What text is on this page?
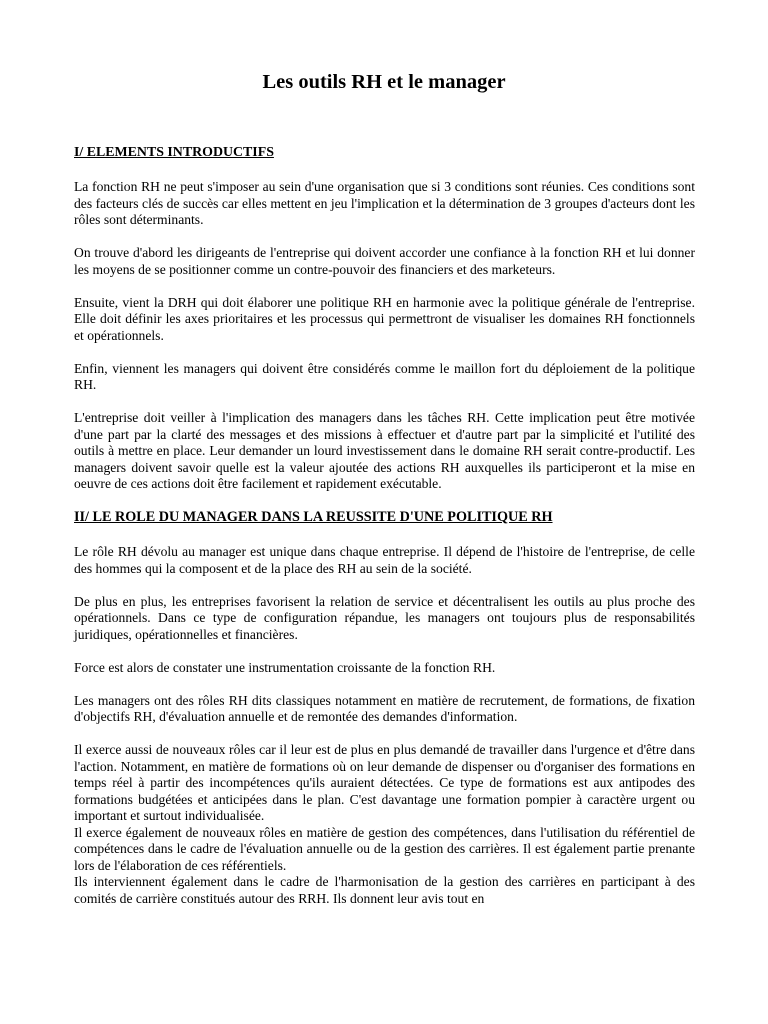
Les outils RH et le manager
I/ ELEMENTS INTRODUCTIFS

La fonction RH ne peut s'imposer au sein d'une organisation que si 3 conditions sont réunies. Ces conditions sont des facteurs clés de succès car elles mettent en jeu l'implication et la détermination de 3 groupes d'acteurs dont les rôles sont déterminants.

On trouve d'abord les dirigeants de l'entreprise qui doivent accorder une confiance à la fonction RH et lui donner les moyens de se positionner comme un contre-pouvoir des financiers et des marketeurs.

Ensuite, vient la DRH qui doit élaborer une politique RH en harmonie avec la politique générale de l'entreprise. Elle doit définir les axes prioritaires et les processus qui permettront de visualiser les domaines RH fonctionnels et opérationnels.

Enfin, viennent les managers qui doivent être considérés comme le maillon fort du déploiement de la politique RH.

L'entreprise doit veiller à l'implication des managers dans les tâches RH. Cette implication peut être motivée d'une part par la clarté des messages et des missions à effectuer et d'autre part par la simplicité et l'utilité des outils à mettre en place. Leur demander un lourd investissement dans le domaine RH serait contre-productif. Les managers doivent savoir quelle est la valeur ajoutée des actions RH auxquelles ils participeront et la mise en oeuvre de ces actions doit être facilement et rapidement exécutable.

II/ LE ROLE DU MANAGER DANS LA REUSSITE D'UNE POLITIQUE RH

Le rôle RH dévolu au manager est unique dans chaque entreprise. Il dépend de l'histoire de l'entreprise, de celle des hommes qui la composent et de la place des RH au sein de la société.

De plus en plus, les entreprises favorisent la relation de service et décentralisent les outils au plus proche des opérationnels. Dans ce type de configuration répandue, les managers ont toujours plus de responsabilités juridiques, opérationnelles et financières.

Force est alors de constater une instrumentation croissante de la fonction RH.

Les managers ont des rôles RH dits classiques notamment en matière de recrutement, de formations, de fixation d'objectifs RH, d'évaluation annuelle et de remontée des demandes d'information.

Il exerce aussi de nouveaux rôles car il leur est de plus en plus demandé de travailler dans l'urgence et d'être dans l'action. Notamment, en matière de formations où on leur demande de dispenser ou d'organiser des formations en temps réel à partir des incompétences qu'ils auraient détectées. Ce type de formations est aux antipodes des formations budgétées et anticipées dans le plan. C'est davantage une formation pompier à caractère urgent ou important et surtout individualisée.

Il exerce également de nouveaux rôles en matière de gestion des compétences, dans l'utilisation du référentiel de compétences dans le cadre de l'évaluation annuelle ou de la gestion des carrières. Il est également partie prenante lors de l'élaboration de ces référentiels.

Ils interviennent également dans le cadre de l'harmonisation de la gestion des carrières en participant à des comités de carrière constitués autour des RRH. Ils donnent leur avis tout en
